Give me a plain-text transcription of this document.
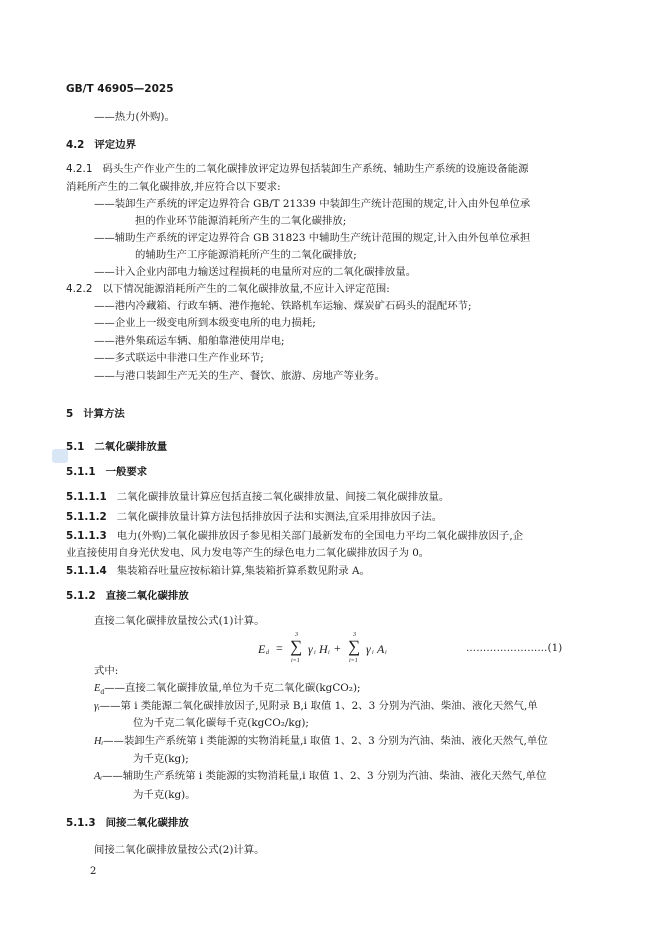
GB/T 46905—2025
——热力(外购)。
4.2 评定边界
4.2.1 码头生产作业产生的二氧化碳排放评定边界包括装卸生产系统、辅助生产系统的设施设备能源
消耗所产生的二氧化碳排放,并应符合以下要求:
——装卸生产系统的评定边界符合 GB/T 21339 中装卸生产统计范围的规定,计入由外包单位承
担的作业环节能源消耗所产生的二氧化碳排放;
——辅助生产系统的评定边界符合 GB 31823 中辅助生产统计范围的规定,计入由外包单位承担
的辅助生产工序能源消耗所产生的二氧化碳排放;
——计入企业内部电力输送过程损耗的电量所对应的二氧化碳排放量。
4.2.2 以下情况能源消耗所产生的二氧化碳排放量,不应计入评定范围:
——港内冷藏箱、行政车辆、港作拖轮、铁路机车运输、煤炭矿石码头的混配环节;
——企业上一级变电所到本级变电所的电力损耗;
——港外集疏运车辆、船舶靠港使用岸电;
——多式联运中非港口生产作业环节;
——与港口装卸生产无关的生产、餐饮、旅游、房地产等业务。
5 计算方法
5.1 二氧化碳排放量
5.1.1 一般要求
5.1.1.1 二氧化碳排放量计算应包括直接二氧化碳排放量、间接二氧化碳排放量。
5.1.1.2 二氧化碳排放量计算方法包括排放因子法和实测法,宜采用排放因子法。
5.1.1.3 电力(外购)二氧化碳排放因子参见相关部门最新发布的全国电力平均二氧化碳排放因子,企
业直接使用自身光伏发电、风力发电等产生的绿色电力二氧化碳排放因子为 0。
5.1.1.4 集装箱吞吐量应按标箱计算,集装箱折算系数见附录 A。
5.1.2 直接二氧化碳排放
直接二氧化碳排放量按公式(1)计算。
E d =
3
∑
i=1
γ i H i +
3
∑
i=1
γ i A i	……………………(1)
式中:
$E_d——$直接二氧化碳排放量,单位为千克二氧化碳(kgCO₂);
γᵢ——第 i 类能源二氧化碳排放因子,见附录 B,i 取值 1、2、3 分别为汽油、柴油、液化天然气,单
位为千克二氧化碳每千克(kgCO₂/kg);
Hᵢ——装卸生产系统第 i 类能源的实物消耗量,i 取值 1、2、3 分别为汽油、柴油、液化天然气,单位
为千克(kg);
Aᵢ——辅助生产系统第 i 类能源的实物消耗量,i 取值 1、2、3 分别为汽油、柴油、液化天然气,单位
为千克(kg)。
5.1.3 间接二氧化碳排放
间接二氧化碳排放量按公式(2)计算。
2
